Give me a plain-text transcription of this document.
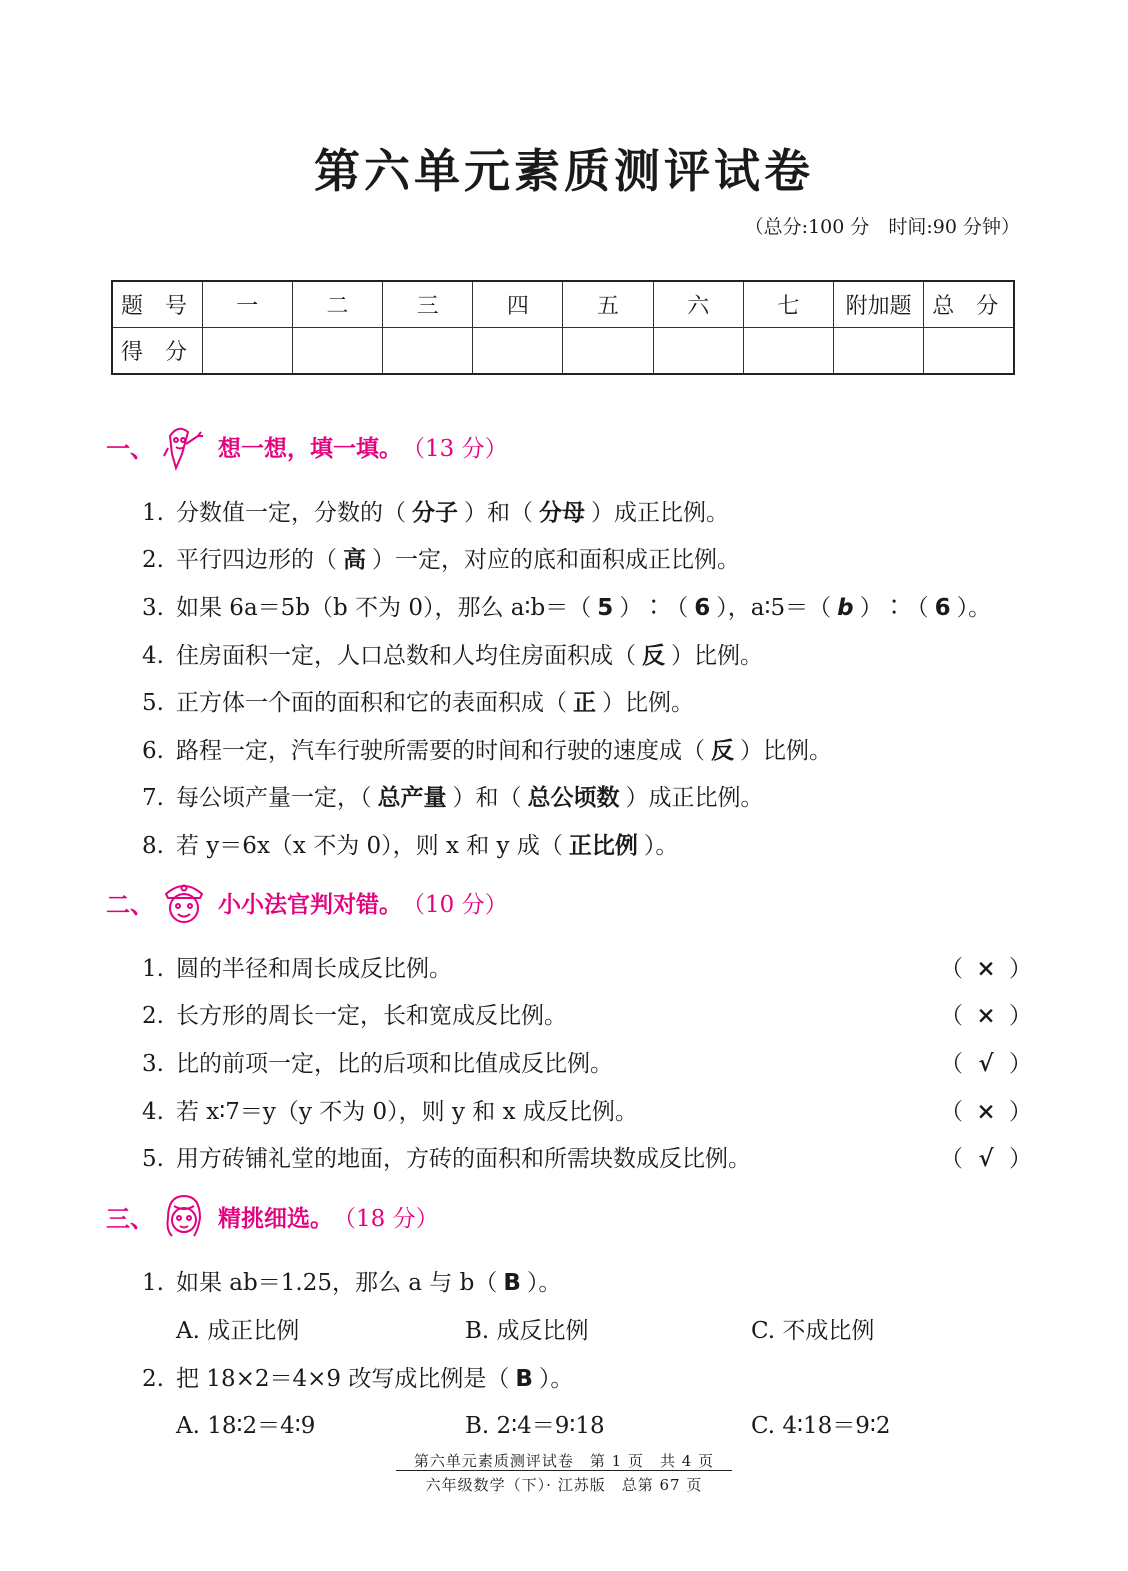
第六单元素质测评试卷
（总分:100 分　时间:90 分钟）
题　号	一	二	三	四	五	六	七	附加题	总　分
得　分									
一、	想一想，填一填。 （13 分）
1. 分数值一定，分数的（ 分子 ）和（ 分母 ）成正比例。
2. 平行四边形的（ 高 ）一定，对应的底和面积成正比例。
3. 如果 6a＝5b（b 不为 0），那么 a∶b＝（ 5 ）∶（ 6 ），a∶5＝（ b ）∶（ 6 ）。
4. 住房面积一定，人口总数和人均住房面积成（ 反 ）比例。
5. 正方体一个面的面积和它的表面积成（ 正 ）比例。
6. 路程一定，汽车行驶所需要的时间和行驶的速度成（ 反 ）比例。
7. 每公顷产量一定，（ 总产量 ）和（ 总公顷数 ）成正比例。
8. 若 y＝6x（x 不为 0），则 x 和 y 成（ 正比例 ）。
二、	小小法官判对错。 （10 分）
1. 圆的半径和周长成反比例。	（ × ）
2. 长方形的周长一定，长和宽成反比例。	（ × ）
3. 比的前项一定，比的后项和比值成反比例。	（ √ ）
4. 若 x∶7＝y（y 不为 0），则 y 和 x 成反比例。	（ × ）
5. 用方砖铺礼堂的地面，方砖的面积和所需块数成反比例。	（ √ ）
三、	精挑细选。 （18 分）
1. 如果 ab＝1.25，那么 a 与 b（ B ）。
A. 成正比例	B. 成反比例	C. 不成比例
2. 把 18×2＝4×9 改写成比例是（ B ）。
A. 18∶2＝4∶9	B. 2∶4＝9∶18	C. 4∶18＝9∶2
第六单元素质测评试卷　第 1 页　共 4 页
六年级数学（下）· 江苏版　总第 67 页
